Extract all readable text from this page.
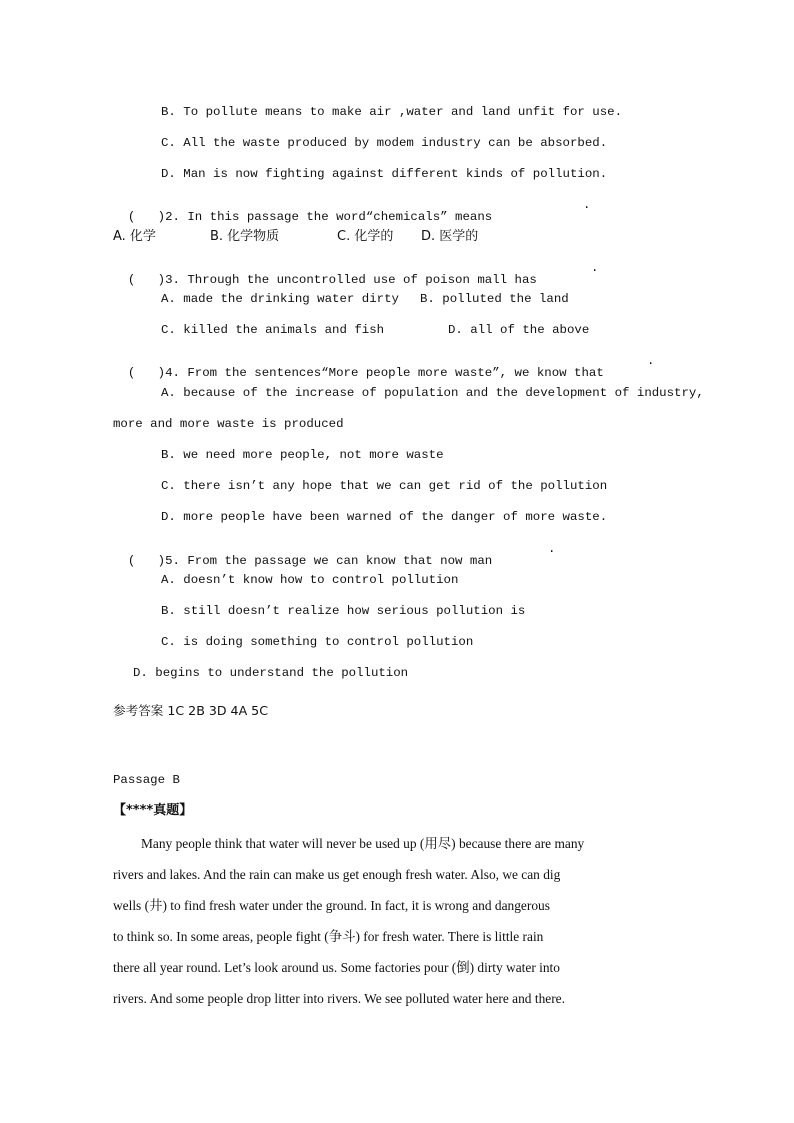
B. To pollute means to make air ,water and land unfit for use.
C. All the waste produced by modem industry can be absorbed.
D. Man is now fighting against different kinds of pollution.

(   )2. In this passage the word“chemicals” means

.
A. 化学	B. 化学物质	C. 化学的 D. 医学的

(   )3. Through the uncontrolled use of poison mall has

.
A. made the drinking water dirty B. polluted the land
C. killed the animals and fish	D. all of the above

(   )4. From the sentences“More people more waste”, we know that

.
A. because of the increase of population and the development of industry,
more and more waste is produced
B. we need more people, not more waste
C. there isn’t any hope that we can get rid of the pollution
D. more people have been warned of the danger of more waste.

(   )5. From the passage we can know that now man

.
A. doesn’t know how to control pollution
B. still doesn’t realize how serious pollution is
C. is doing something to control pollution
D. begins to understand the pollution
参考答案 1C 2B 3D 4A 5C
Passage B
【****真题】
Many people think that water will never be used up (用尽) because there are many
rivers and lakes. And the rain can make us get enough fresh water. Also, we can dig
wells (井) to find fresh water under the ground. In fact, it is wrong and dangerous
to think so. In some areas, people fight (争斗) for fresh water. There is little rain
there all year round. Let’s look around us. Some factories pour (倒) dirty water into
rivers. And some people drop litter into rivers. We see polluted water here and there.
